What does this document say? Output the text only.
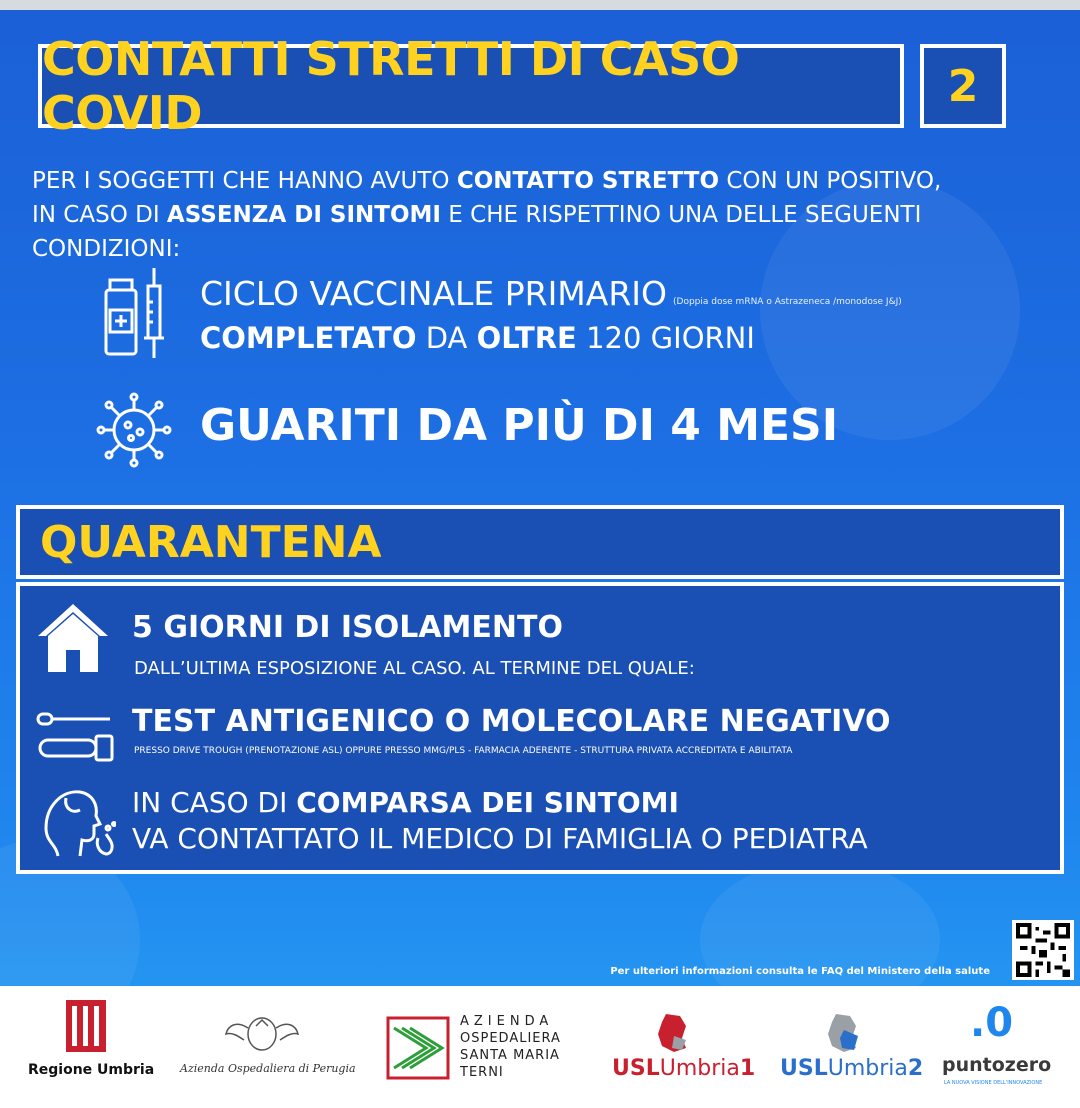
CONTATTI STRETTI DI CASO COVID	2
PER I SOGGETTI CHE HANNO AVUTO CONTATTO STRETTO CON UN POSITIVO,
IN CASO DI ASSENZA DI SINTOMI E CHE RISPETTINO UNA DELLE SEGUENTI CONDIZIONI:
CICLO VACCINALE PRIMARIO $^{(Doppia dose mRNA o Astrazeneca /monodose J\&J)}$
COMPLETATO DA OLTRE 120 GIORNI
GUARITI DA PIÙ DI 4 MESI
QUARANTENA
5 GIORNI DI ISOLAMENTO
DALL’ULTIMA ESPOSIZIONE AL CASO. AL TERMINE DEL QUALE:
TEST ANTIGENICO O MOLECOLARE NEGATIVO
PRESSO DRIVE TROUGH (PRENOTAZIONE ASL) OPPURE PRESSO MMG/PLS - FARMACIA ADERENTE - STRUTTURA PRIVATA ACCREDITATA E ABILITATA
IN CASO DI COMPARSA DEI SINTOMI
VA CONTATTATO IL MEDICO DI FAMIGLIA O PEDIATRA
Per ulteriori informazioni consulta le FAQ del Ministero della salute
Regione Umbria Azienda Ospedaliera di Perugia
AZIENDA
OSPEDALIERA
SANTA MARIA
TERNI	USLUmbria1 USLUmbria2
.0
puntozero
LA NUOVA VISIONE DELL'INNOVAZIONE
